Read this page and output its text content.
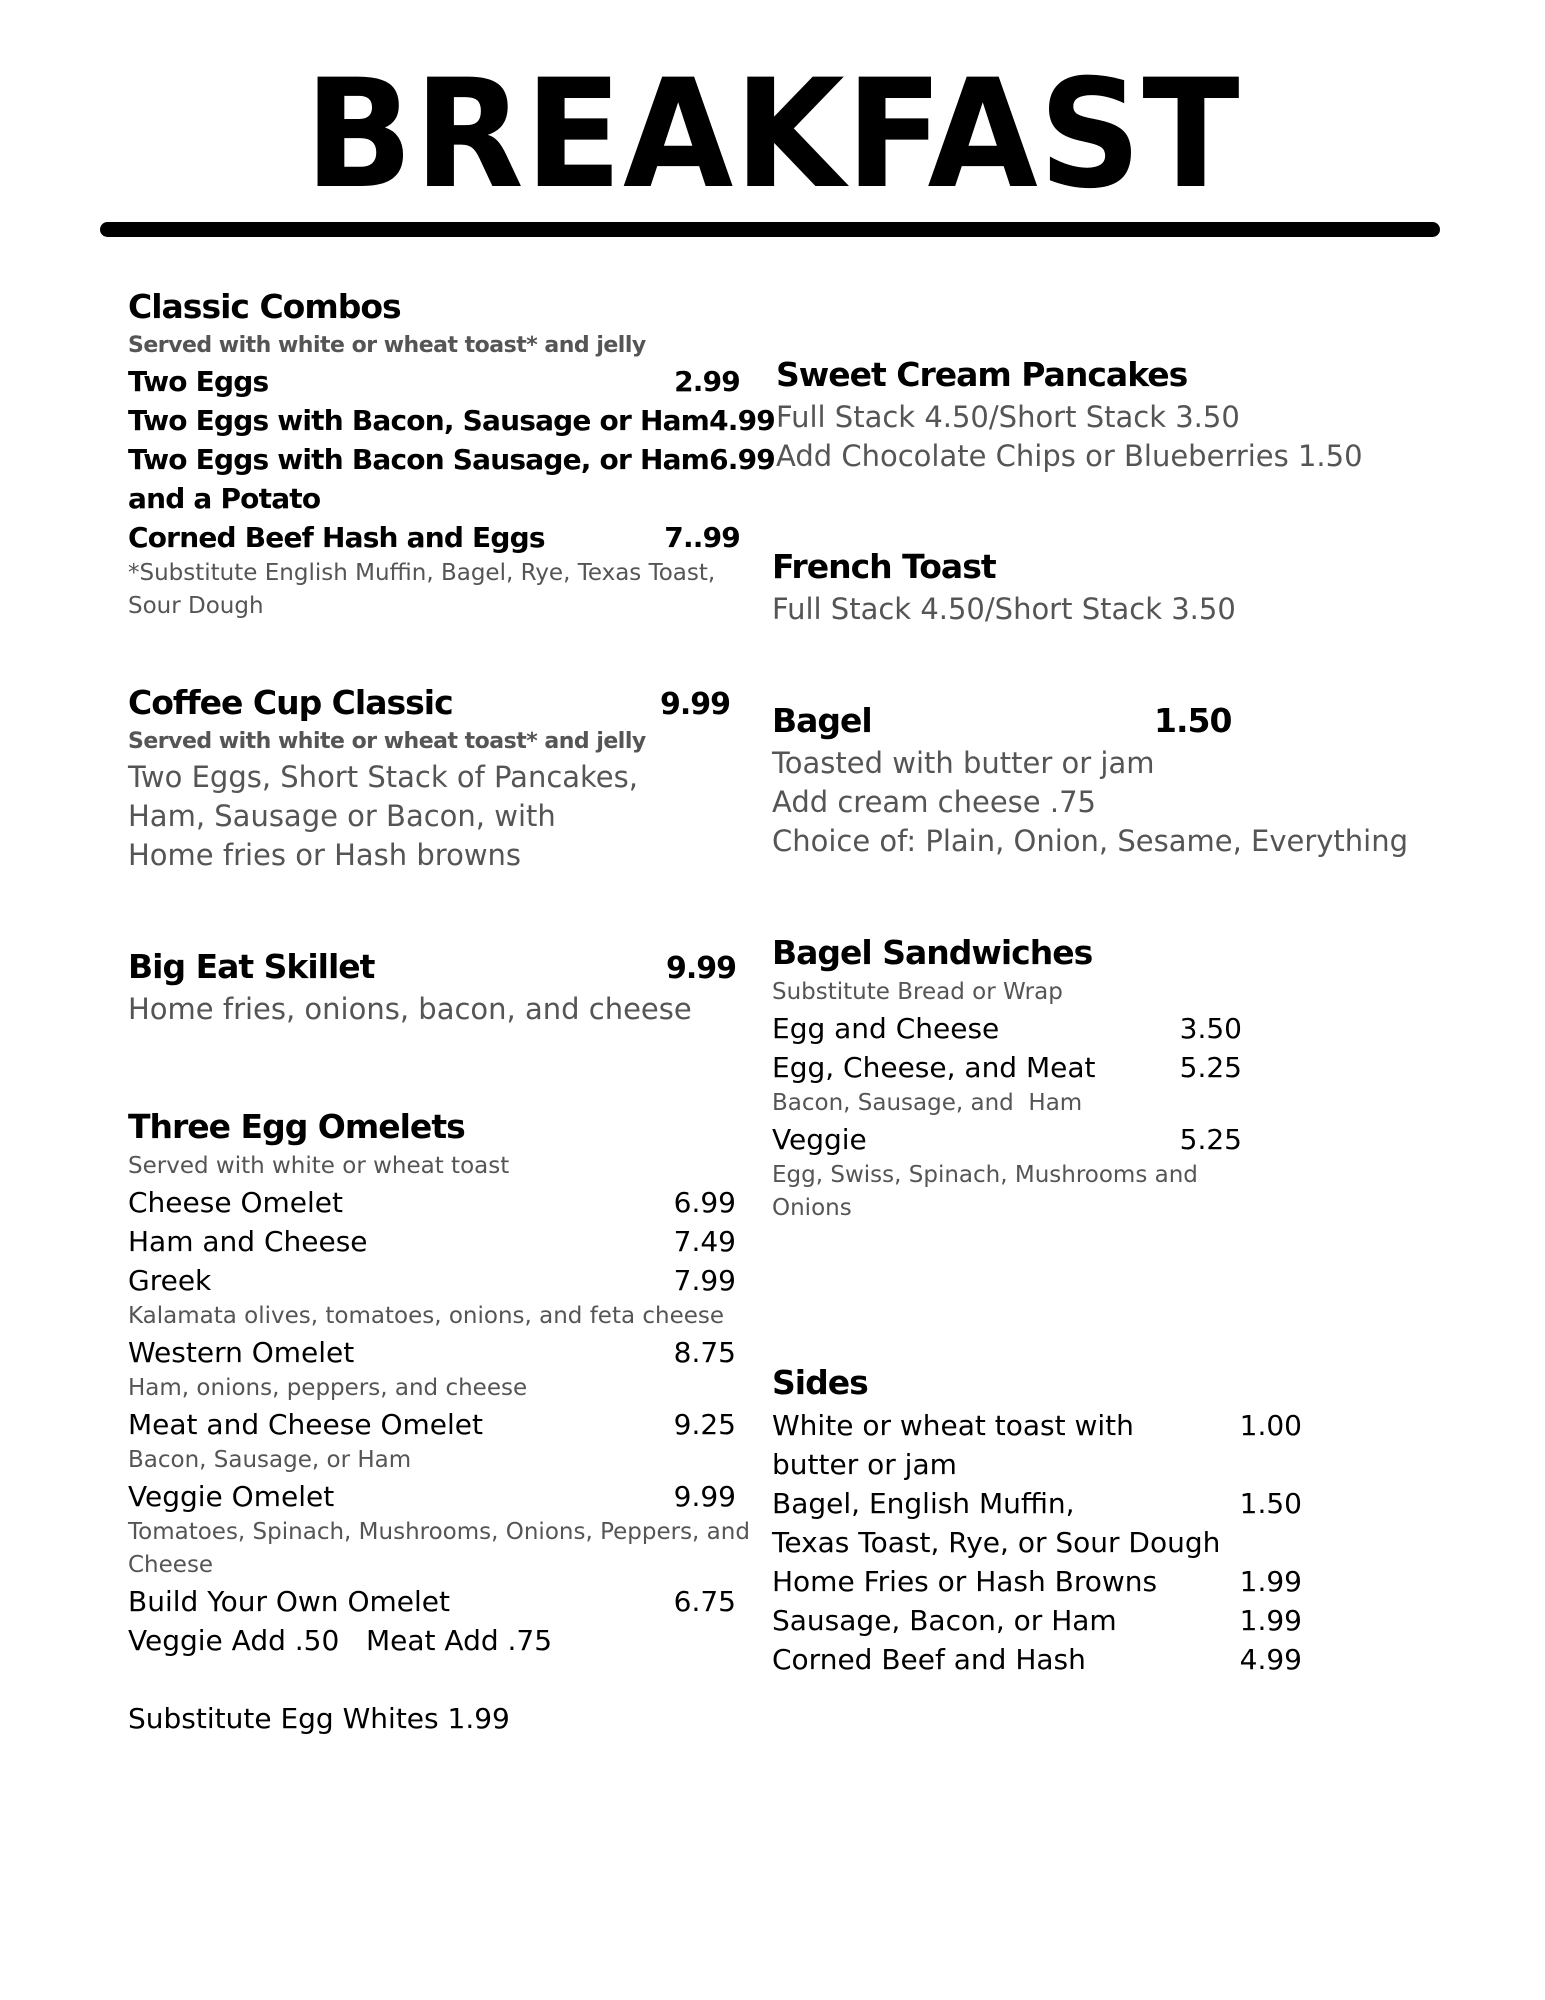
BREAKFAST
Classic Combos
Served with white or wheat toast* and jelly
Two Eggs	2.99
Two Eggs with Bacon, Sausage or Ham 4.99
Two Eggs with Bacon Sausage, or Ham 6.99
and a Potato
Corned Beef Hash and Eggs	7..99
*Substitute English Muffin, Bagel, Rye, Texas Toast,
Sour Dough
Coffee Cup Classic	9.99
Served with white or wheat toast* and jelly
Two Eggs, Short Stack of Pancakes,
Ham, Sausage or Bacon, with
Home fries or Hash browns
Big Eat Skillet	9.99
Home fries, onions, bacon, and cheese
Three Egg Omelets
Served with white or wheat toast
Cheese Omelet	6.99
Ham and Cheese	7.49
Greek	7.99
Kalamata olives, tomatoes, onions, and feta cheese
Western Omelet	8.75
Ham, onions, peppers, and cheese
Meat and Cheese Omelet	9.25
Bacon, Sausage, or Ham
Veggie Omelet	9.99
Tomatoes, Spinach, Mushrooms, Onions, Peppers, and
Cheese
Build Your Own Omelet	6.75
Veggie Add .50   Meat Add .75
Substitute Egg Whites 1.99
Sweet Cream Pancakes
Full Stack 4.50/Short Stack 3.50
Add Chocolate Chips or Blueberries 1.50
French Toast
Full Stack 4.50/Short Stack 3.50
Bagel	1.50
Toasted with butter or jam
Add cream cheese .75
Choice of: Plain, Onion, Sesame, Everything
Bagel Sandwiches
Substitute Bread or Wrap
Egg and Cheese	3.50
Egg, Cheese, and Meat	5.25
Bacon, Sausage, and  Ham
Veggie	5.25
Egg, Swiss, Spinach, Mushrooms and
Onions
Sides
White or wheat toast with	1.00
butter or jam
Bagel, English Muffin,	1.50
Texas Toast, Rye, or Sour Dough
Home Fries or Hash Browns	1.99
Sausage, Bacon, or Ham	1.99
Corned Beef and Hash	4.99
